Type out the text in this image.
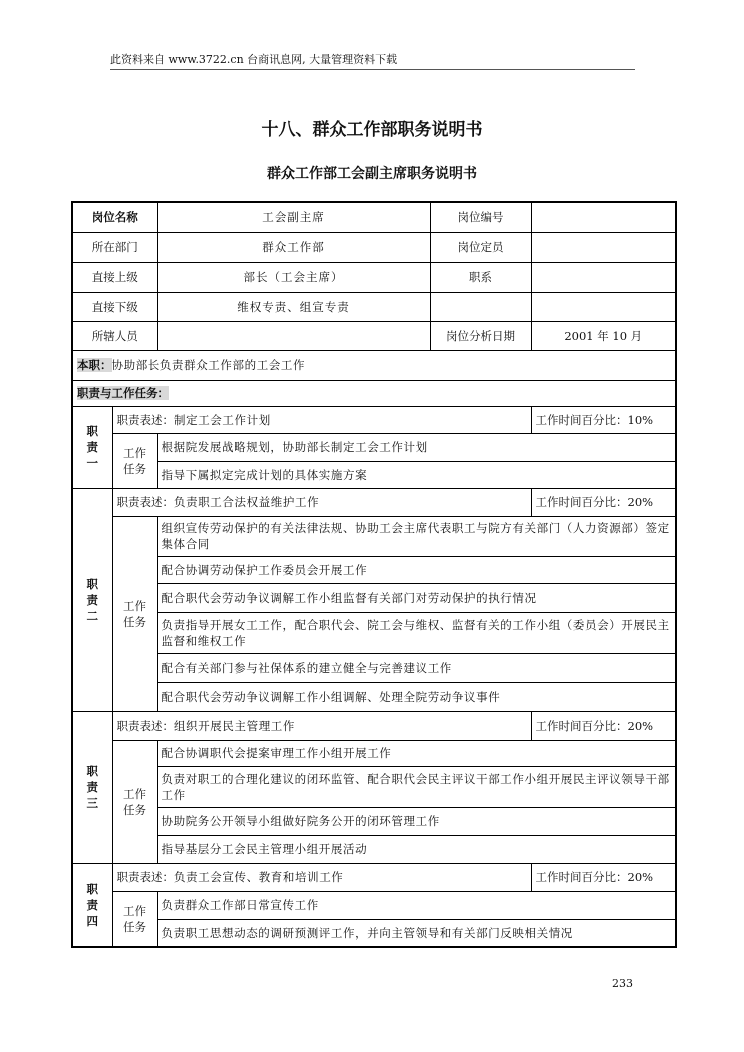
此资料来自 www.3722.cn 台商讯息网, 大量管理资料下载
十八、群众工作部职务说明书
群众工作部工会副主席职务说明书
岗位名称		工会副主席	岗位编号	
所在部门		群众工作部	岗位定员	
直接上级		部长（工会主席）	职系	
直接下级		维权专责、组宣专责		
所辖人员			岗位分析日期	2001 年 10 月
本职：协助部长负责群众工作部的工会工作				
职责与工作任务：				

职
责
一	职责表述：制定工会工作计划			工作时间百分比：10%

	工作
任务	根据院发展战略规划，协助部长制定工会工作计划		
		指导下属拟定完成计划的具体实施方案		

职
责
二	职责表述：负责职工合法权益维护工作			工作时间百分比：20%

	工作
任务	组织宣传劳动保护的有关法律法规、协助工会主席代表职工与院方有关部门（人力资源部）签定集体合同		
		配合协调劳动保护工作委员会开展工作		
		配合职代会劳动争议调解工作小组监督有关部门对劳动保护的执行情况		
		负责指导开展女工工作，配合职代会、院工会与维权、监督有关的工作小组（委员会）开展民主监督和维权工作		
		配合有关部门参与社保体系的建立健全与完善建议工作		
		配合职代会劳动争议调解工作小组调解、处理全院劳动争议事件		

职
责
三	职责表述：组织开展民主管理工作			工作时间百分比：20%

	工作
任务	配合协调职代会提案审理工作小组开展工作		
		负责对职工的合理化建议的闭环监管、配合职代会民主评议干部工作小组开展民主评议领导干部工作		
		协助院务公开领导小组做好院务公开的闭环管理工作		
		指导基层分工会民主管理小组开展活动		

职
责
四	职责表述：负责工会宣传、教育和培训工作			工作时间百分比：20%

	工作
任务	负责群众工作部日常宣传工作		
		负责职工思想动态的调研预测评工作，并向主管领导和有关部门反映相关情况		
233
